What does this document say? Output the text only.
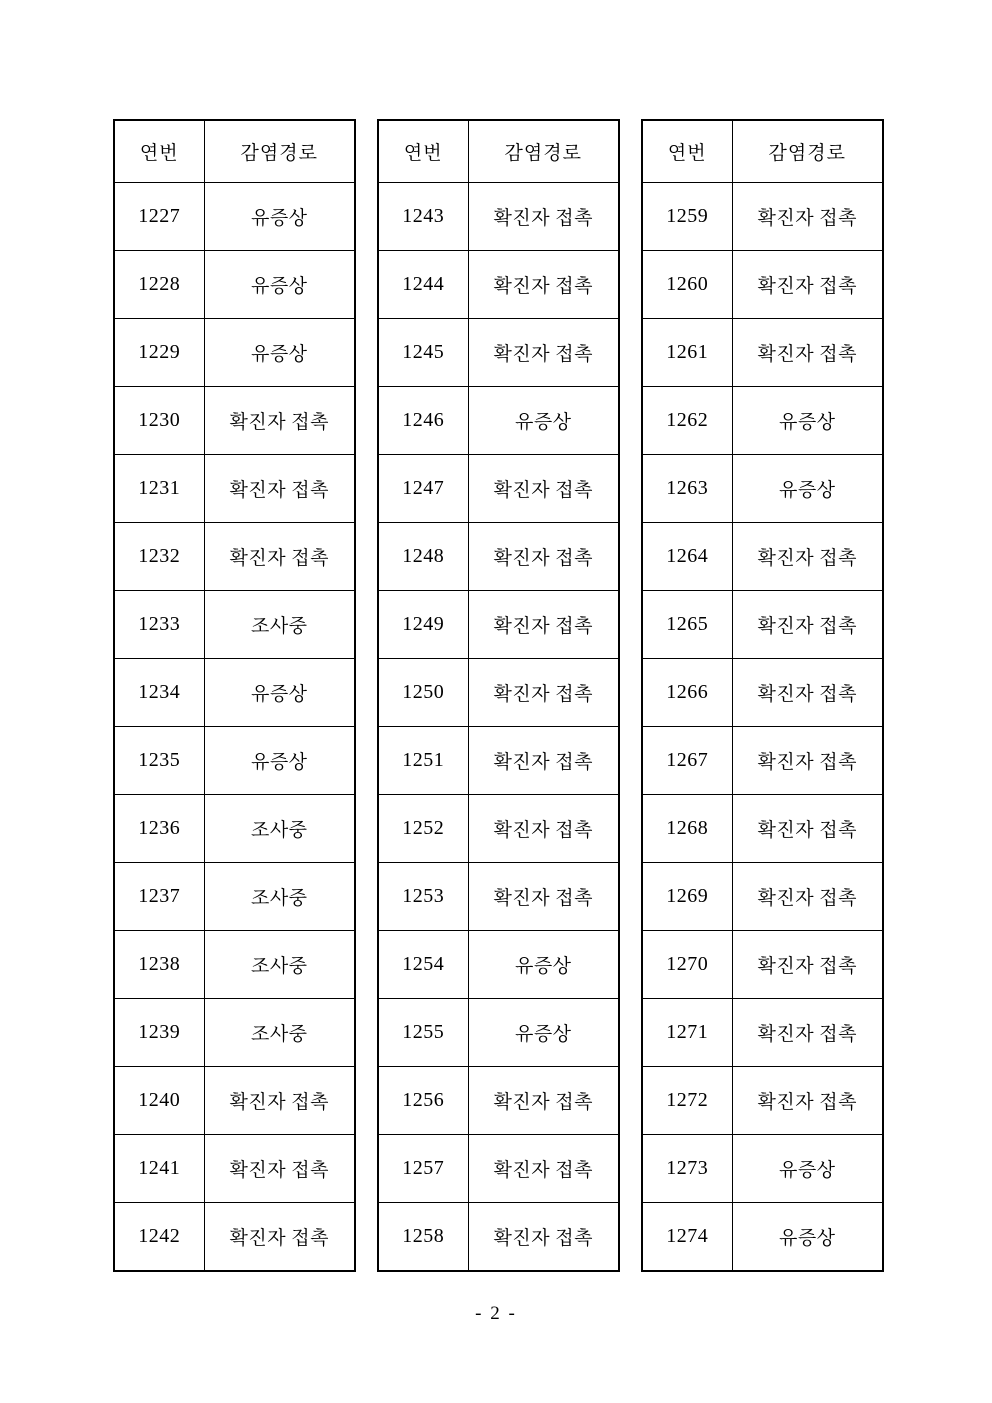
연번	감염경로
1227	유증상
1228	유증상
1229	유증상
1230	확진자 접촉
1231	확진자 접촉
1232	확진자 접촉
1233	조사중
1234	유증상
1235	유증상
1236	조사중
1237	조사중
1238	조사중
1239	조사중
1240	확진자 접촉
1241	확진자 접촉
1242	확진자 접촉
연번	감염경로
1243	확진자 접촉
1244	확진자 접촉
1245	확진자 접촉
1246	유증상
1247	확진자 접촉
1248	확진자 접촉
1249	확진자 접촉
1250	확진자 접촉
1251	확진자 접촉
1252	확진자 접촉
1253	확진자 접촉
1254	유증상
1255	유증상
1256	확진자 접촉
1257	확진자 접촉
1258	확진자 접촉
연번	감염경로
1259	확진자 접촉
1260	확진자 접촉
1261	확진자 접촉
1262	유증상
1263	유증상
1264	확진자 접촉
1265	확진자 접촉
1266	확진자 접촉
1267	확진자 접촉
1268	확진자 접촉
1269	확진자 접촉
1270	확진자 접촉
1271	확진자 접촉
1272	확진자 접촉
1273	유증상
1274	유증상
- 2 -
